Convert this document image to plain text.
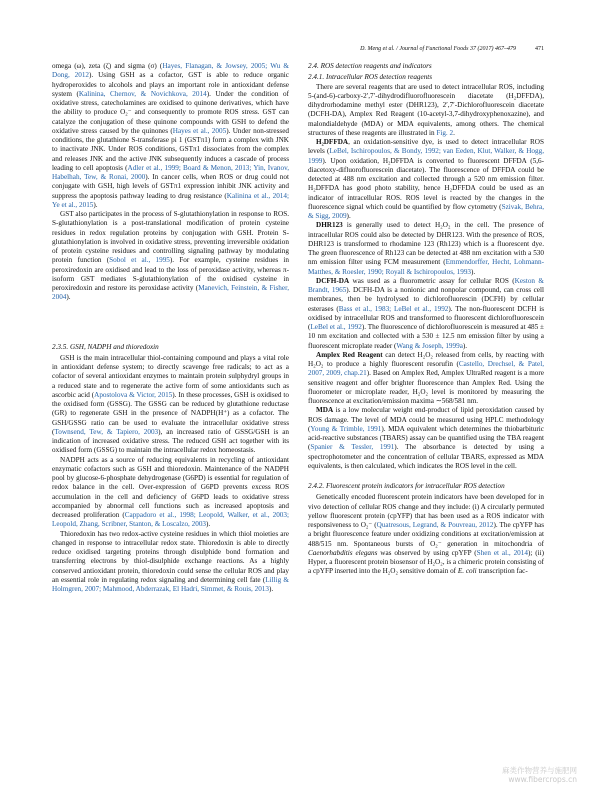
D. Meng et al. / Journal of Functional Foods 37 (2017) 467–479	471

omega (ω), zeta (ζ) and sigma (σ) (Hayes, Flanagan, & Jowsey, 2005; Wu & Dong, 2012). Using GSH as a cofactor, GST is able to reduce organic hydroperoxides to alcohols and plays an important role in antioxidant defense system (Kalinina, Chernov, & Novichkova, 2014). Under the condition of oxidative stress, catecholamines are oxidised to quinone derivatives, which have the ability to produce O₂⁻ and consequently to promote ROS stress. GST can catalyze the conjugation of these quinone compounds with GSH to defend the oxidative stress caused by the quinones (Hayes et al., 2005). Under non-stressed conditions, the glutathione S-transferase pi 1 (GSTπ1) form a complex with JNK to inactivate JNK. Under ROS conditions, GSTπ1 dissociates from the complex and releases JNK and the active JNK subsequently induces a cascade of process leading to cell apoptosis (Adler et al., 1999; Board & Menon, 2013; Yin, Ivanov, Habelhah, Tew, & Ronai, 2000). In cancer cells, when ROS or drug could not conjugate with GSH, high levels of GSTπ1 expression inhibit JNK activity and suppress the apoptosis pathway leading to drug resistance (Kalinina et al., 2014; Ye et al., 2015).

GST also participates in the process of S-glutathionylation in response to ROS. S-glutathionylation is a post-translational modification of protein cysteine residues in redox regulation proteins by conjugation with GSH. Protein S-glutathionylation is involved in oxidative stress, preventing irreversible oxidation of protein cysteine residues and controlling signaling pathway by modulating protein function (Sobol et al., 1995). For example, cysteine residues in peroxiredoxin are oxidised and lead to the loss of peroxidase activity, whereas π-isoform GST mediates S-glutathionylation of the oxidised cysteine in peroxiredoxin and restore its peroxidase activity (Manevich, Feinstein, & Fisher, 2004).

2.3.5. GSH, NADPH and thioredoxin

GSH is the main intracellular thiol-containing compound and plays a vital role in antioxidant defense system; to directly scavenge free radicals; to act as a cofactor of several antioxidant enzymes to maintain protein sulphydryl groups in a reduced state and to regenerate the active form of some antioxidants such as ascorbic acid (Apostolova & Victor, 2015). In these processes, GSH is oxidised to the oxidised form (GSSG). The GSSG can be reduced by glutathione reductase (GR) to regenerate GSH in the presence of NADPH(H⁺) as a cofactor. The GSH/GSSG ratio can be used to evaluate the intracellular oxidative stress (Townsend, Tew, & Tapiero, 2003), an increased ratio of GSSG/GSH is an indication of increased oxidative stress. The reduced GSH act together with its oxidised form (GSSG) to maintain the intracellular redox homeostasis.

NADPH acts as a source of reducing equivalents in recycling of antioxidant enzymatic cofactors such as GSH and thioredoxin. Maintenance of the NADPH pool by glucose-6-phosphate dehydrogenase (G6PD) is essential for regulation of redox balance in the cell. Over-expression of G6PD prevents excess ROS accumulation in the cell and deficiency of G6PD leads to oxidative stress accompanied by abnormal cell functions such as increased apoptosis and decreased proliferation (Cappadoro et al., 1998; Leopold, Walker, et al., 2003; Leopold, Zhang, Scribner, Stanton, & Loscalzo, 2003).

Thioredoxin has two redox-active cysteine residues in which thiol moieties are changed in response to intracellular redox state. Thioredoxin is able to directly reduce oxidised targeting proteins through disulphide bond formation and transferring electrons by thiol-disulphide exchange reactions. As a highly conserved antioxidant protein, thioredoxin could sense the cellular ROS and play an essential role in regulating redox signaling and determining cell fate (Lillig & Holmgren, 2007; Mahmood, Abderrazak, El Hadri, Simmet, & Rouis, 2013).

2.4. ROS detection reagents and indicators
2.4.1. Intracellular ROS detection reagents

There are several reagents that are used to detect intracellular ROS, including 5-(and-6)-carboxy-2′,7′-dihydrodifluorofluorescein diacetate (H₂DFFDA), dihydrorhodamine methyl ester (DHR123), 2′,7′-Dichlorofluorescein diacetate (DCFH-DA), Amplex Red Reagent (10-acetyl-3,7-dihydroxyphenoxazine), and malondialdehyde (MDA) or MDA equivalents, among others. The chemical structures of these reagents are illustrated in Fig. 2.

H₂DFFDA, an oxidation-sensitive dye, is used to detect intracellular ROS levels (LeBel, Ischiropoulos, & Bondy, 1992; van Eeden, Klut, Walker, & Hogg, 1999). Upon oxidation, H₂DFFDA is converted to fluorescent DFFDA (5,6-diacetoxy-difluorofluorescein diacetate). The fluorescence of DFFDA could be detected at 488 nm excitation and collected through a 520 nm emission filter. H₂DFFDA has good photo stability, hence H₂DFFDA could be used as an indicator of intracellular ROS. ROS level is reacted by the changes in the fluorescence signal which could be quantified by flow cytometry (Szivak, Behra, & Sigg, 2009).

DHR123 is generally used to detect H₂O₂ in the cell. The presence of intracellular ROS could also be detected by DHR123. With the presence of ROS, DHR123 is transformed to rhodamine 123 (Rh123) which is a fluorescent dye. The green fluorescence of Rh123 can be detected at 488 nm excitation with a 530 nm emission filter using FCM measurement (Emmendorffer, Hecht, Lohmann-Matthes, & Roesler, 1990; Royall & Ischiropoulos, 1993).

DCFH-DA was used as a fluorometric assay for cellular ROS (Keston & Brandt, 1965). DCFH-DA is a nonionic and nonpolar compound, can cross cell membranes, then be hydrolysed to dichlorofluorescin (DCFH) by cellular esterases (Bass et al., 1983; LeBel et al., 1992). The non-fluorescent DCFH is oxidised by intracellular ROS and transformed to fluorescent dichlorofluorescein (LeBel et al., 1992). The fluorescence of dichlorofluorescein is measured at 485 ± 10 nm excitation and collected with a 530 ± 12.5 nm emission filter by using a fluorescent microplate reader (Wang & Joseph, 1999a).

Amplex Red Reagent can detect H₂O₂ released from cells, by reacting with H₂O₂ to produce a highly fluorescent resorufin (Castello, Drechsel, & Patel, 2007, 2009, chap.21). Based on Amplex Red, Amplex UltraRed reagent is a more sensitive reagent and offer brighter fluorescence than Amplex Red. Using the fluorometer or microplate reader, H₂O₂ level is monitored by measuring the fluorescence at excitation/emission maxima ∼568/581 nm.

MDA is a low molecular weight end-product of lipid peroxidation caused by ROS damage. The level of MDA could be measured using HPLC methodology (Young & Trimble, 1991). MDA equivalent which determines the thiobarbituric acid-reactive substances (TBARS) assay can be quantified using the TBA reagent (Spanier & Tessler, 1991). The absorbance is detected by using a spectrophotometer and the concentration of cellular TBARS, expressed as MDA equivalents, is then calculated, which indicates the ROS level in the cell.

2.4.2. Fluorescent protein indicators for intracellular ROS detection

Genetically encoded fluorescent protein indicators have been developed for in vivo detection of cellular ROS change and they include: (i) A circularly permuted yellow fluorescent protein (cpYFP) that has been used as a ROS indicator with responsiveness to O₂⁻ (Quatresous, Legrand, & Pouvreau, 2012). The cpYFP has a bright fluorescence feature under oxidizing conditions at excitation/emission at 488/515 nm. Spontaneous bursts of O₂⁻ generation in mitochondria of Caenorhabditis elegans was observed by using cpYFP (Shen et al., 2014); (ii) Hyper, a fluorescent protein biosensor of H₂O₂, is a chimeric protein consisting of a cpYFP inserted into the H₂O₂ sensitive domain of E. coli transcription fac-

麻类作物营养与施肥网
www.fibercrops.cn
